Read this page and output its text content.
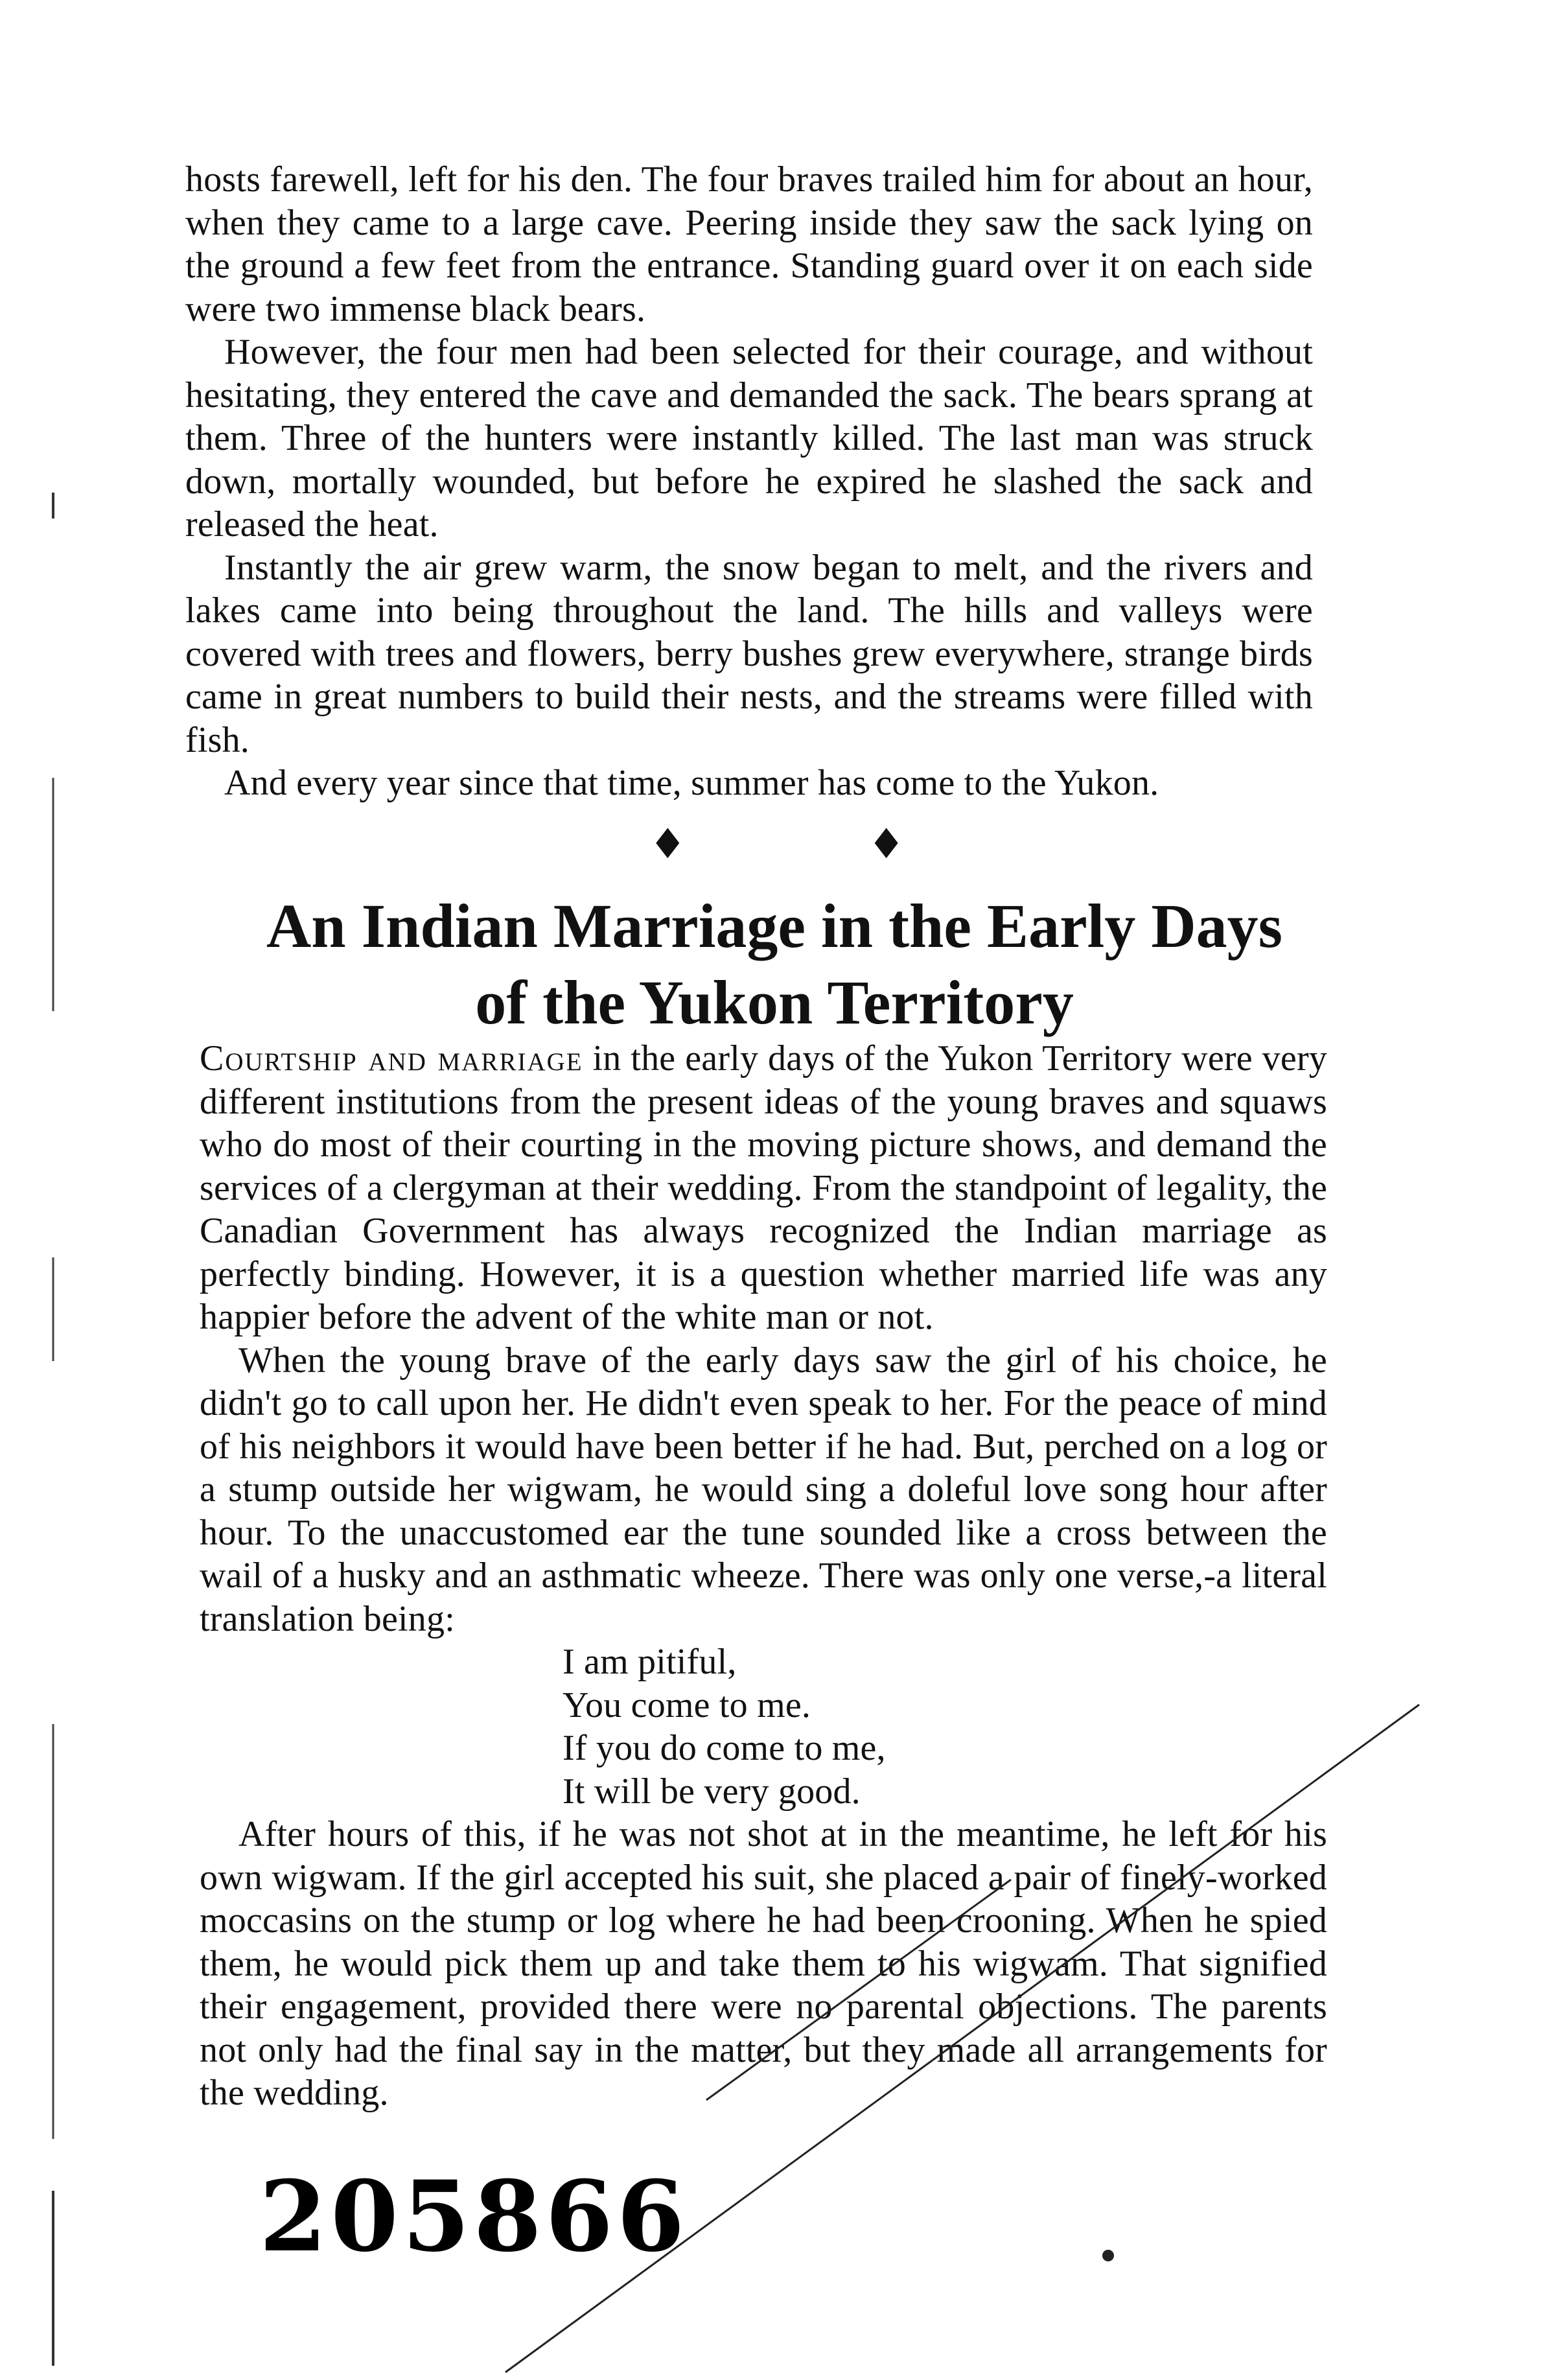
hosts farewell, left for his den. The four braves trailed him for about an hour, when they came to a large cave. Peering inside they saw the sack lying on the ground a few feet from the entrance. Standing guard over it on each side were two immense black bears.

However, the four men had been selected for their courage, and without hesitating, they entered the cave and demanded the sack. The bears sprang at them. Three of the hunters were instantly killed. The last man was struck down, mortally wounded, but before he expired he slashed the sack and released the heat.

Instantly the air grew warm, the snow began to melt, and the rivers and lakes came into being throughout the land. The hills and valleys were covered with trees and flowers, berry bushes grew everywhere, strange birds came in great numbers to build their nests, and the streams were filled with fish.

And every year since that time, summer has come to the Yukon.

♦	♦
An Indian Marriage in the Early Days
of the Yukon Territory

Courtship and marriage in the early days of the Yukon Territory were very different institutions from the present ideas of the young braves and squaws who do most of their courting in the moving picture shows, and demand the services of a clergyman at their wedding. From the standpoint of legality, the Canadian Government has always recognized the Indian marriage as perfectly binding. However, it is a question whether married life was any happier before the advent of the white man or not.

When the young brave of the early days saw the girl of his choice, he didn't go to call upon her. He didn't even speak to her. For the peace of mind of his neighbors it would have been better if he had. But, perched on a log or a stump outside her wigwam, he would sing a doleful love song hour after hour. To the unaccustomed ear the tune sounded like a cross between the wail of a husky and an asthmatic wheeze. There was only one verse,-a literal translation being:

I am pitiful,

You come to me.

If you do come to me,

It will be very good.

After hours of this, if he was not shot at in the meantime, he left for his own wigwam. If the girl accepted his suit, she placed a pair of finely-worked moccasins on the stump or log where he had been crooning. When he spied them, he would pick them up and take them to his wigwam. That signified their engagement, provided there were no parental objections. The parents not only had the final say in the matter, but they made all arrangements for the wedding.

205866
